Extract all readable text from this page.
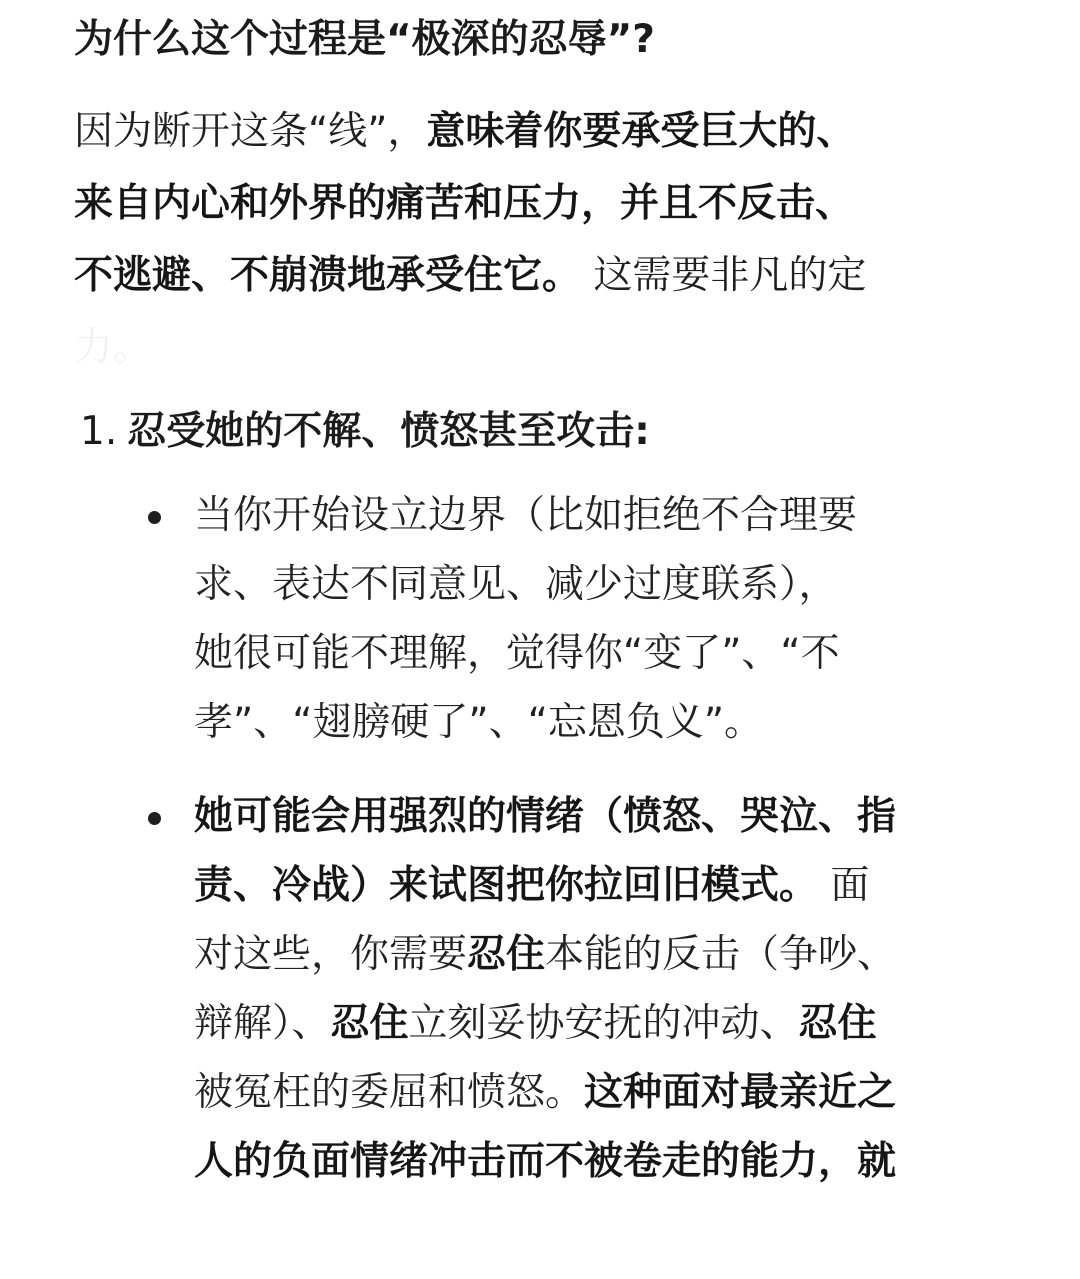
为什么这个过程是“极深的忍辱”?

因为断开这条“线”，意味着你要承受巨大的、
来自内心和外界的痛苦和压力，并且不反击、
不逃避、不崩溃地承受住它。 这需要非凡的定
力。

1. 忍受她的不解、愤怒甚至攻击:
当你开始设立边界（比如拒绝不合理要
求、表达不同意见、减少过度联系），
她很可能不理解，觉得你“变了”、“不
孝”、“翅膀硬了”、“忘恩负义”。
她可能会用强烈的情绪（愤怒、哭泣、指
责、冷战）来试图把你拉回旧模式。 面
对这些，你需要忍住本能的反击（争吵、
辩解）、忍住立刻妥协安抚的冲动、忍住
被冤枉的委屈和愤怒。这种面对最亲近之
人的负面情绪冲击而不被卷走的能力，就
